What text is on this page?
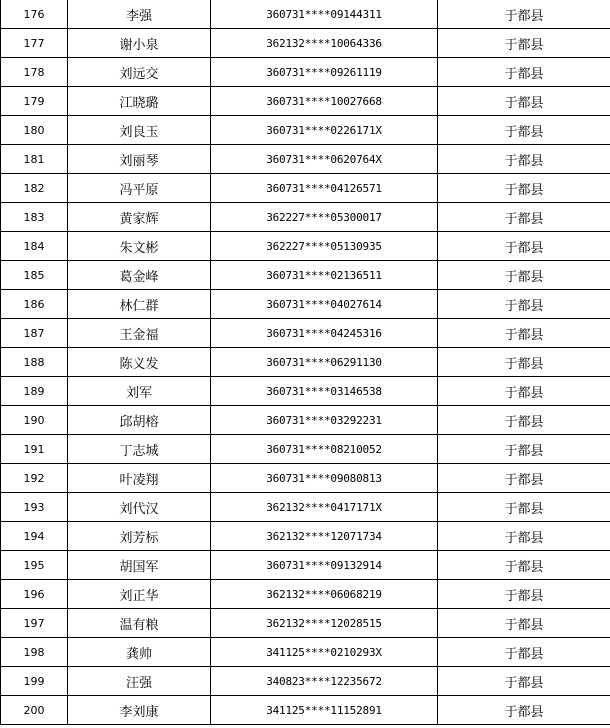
176	李强	360731****09144311	于都县
177	谢小泉	362132****10064336	于都县
178	刘远交	360731****09261119	于都县
179	江晓璐	360731****10027668	于都县
180	刘良玉	360731****0226171X	于都县
181	刘丽琴	360731****0620764X	于都县
182	冯平原	360731****04126571	于都县
183	黄家辉	362227****05300017	于都县
184	朱文彬	362227****05130935	于都县
185	葛金峰	360731****02136511	于都县
186	林仁群	360731****04027614	于都县
187	王金福	360731****04245316	于都县
188	陈义发	360731****06291130	于都县
189	刘军	360731****03146538	于都县
190	邱胡榕	360731****03292231	于都县
191	丁志城	360731****08210052	于都县
192	叶凌翔	360731****09080813	于都县
193	刘代汉	362132****0417171X	于都县
194	刘芳标	362132****12071734	于都县
195	胡国军	360731****09132914	于都县
196	刘正华	362132****06068219	于都县
197	温有粮	362132****12028515	于都县
198	龚帅	341125****0210293X	于都县
199	汪强	340823****12235672	于都县
200	李刘康	341125****11152891	于都县
